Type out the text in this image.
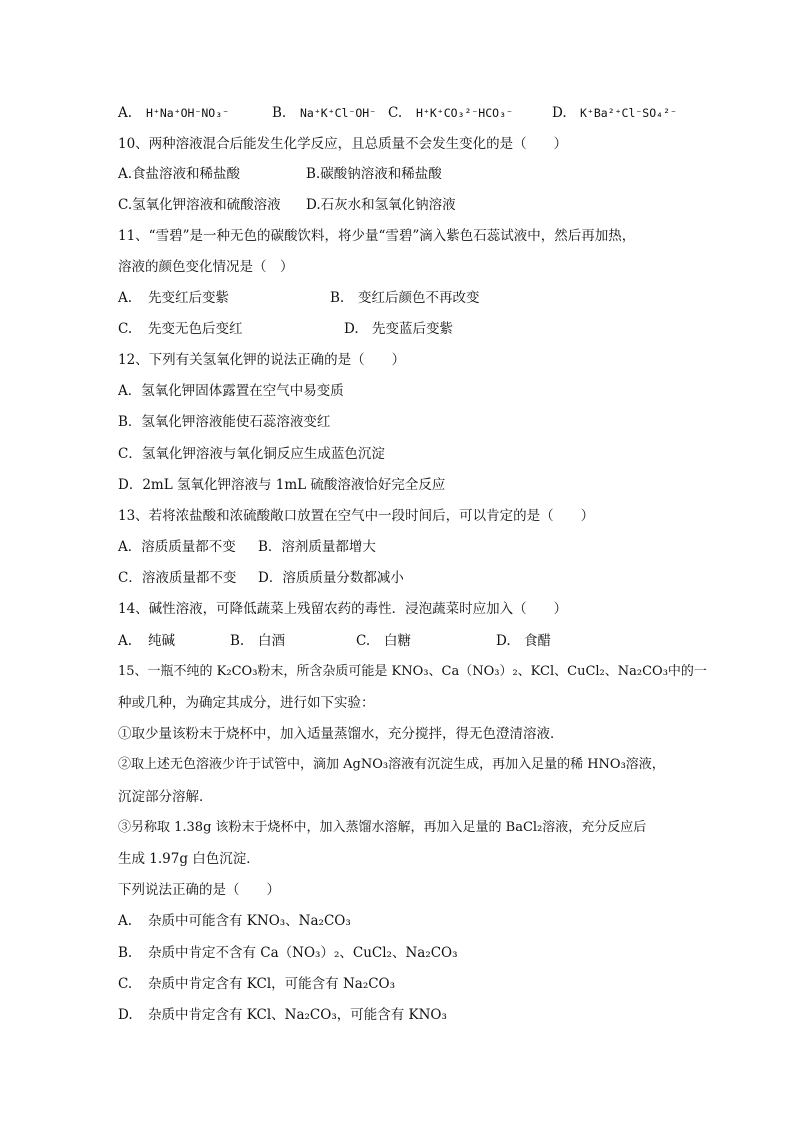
A. H⁺Na⁺OH⁻NO₃⁻	B. Na⁺K⁺Cl⁻OH⁻ C. H⁺K⁺CO₃²⁻HCO₃⁻	D. K⁺Ba²⁺Cl⁻SO₄²⁻
10、两种溶液混合后能发生化学反应，且总质量不会发生变化的是（　　）
A.食盐溶液和稀盐酸	B.碳酸钠溶液和稀盐酸
C.氢氧化钾溶液和硫酸溶液 D.石灰水和氢氧化钠溶液
11、“雪碧”是一种无色的碳酸饮料，将少量“雪碧”滴入紫色石蕊试液中，然后再加热，
溶液的颜色变化情况是（　）
A. 先变红后变紫	B. 变红后颜色不再改变
C. 先变无色后变红	D. 先变蓝后变紫
12、下列有关氢氧化钾的说法正确的是（　　）
A．氢氧化钾固体露置在空气中易变质
B．氢氧化钾溶液能使石蕊溶液变红
C．氢氧化钾溶液与氧化铜反应生成蓝色沉淀
D．2mL 氢氧化钾溶液与 1mL 硫酸溶液恰好完全反应
13、若将浓盐酸和浓硫酸敞口放置在空气中一段时间后，可以肯定的是（　　）
A．溶质质量都不变 B．溶剂质量都增大
C．溶液质量都不变 D．溶质质量分数都减小
14、碱性溶液，可降低蔬菜上残留农药的毒性．浸泡蔬菜时应加入（　　）
A. 纯碱	B. 白酒	C. 白糖	D. 食醋
15、一瓶不纯的 K₂CO₃粉末，所含杂质可能是 KNO₃、Ca（NO₃）₂、KCl、CuCl₂、Na₂CO₃中的一
种或几种，为确定其成分，进行如下实验：
①取少量该粉末于烧杯中，加入适量蒸馏水，充分搅拌，得无色澄清溶液．
②取上述无色溶液少许于试管中，滴加 AgNO₃溶液有沉淀生成，再加入足量的稀 HNO₃溶液，
沉淀部分溶解．
③另称取 1.38g 该粉末于烧杯中，加入蒸馏水溶解，再加入足量的 BaCl₂溶液，充分反应后
生成 1.97g 白色沉淀．
下列说法正确的是（　　）
A. 杂质中可能含有 KNO₃、Na₂CO₃
B. 杂质中肯定不含有 Ca（NO₃）₂、CuCl₂、Na₂CO₃
C. 杂质中肯定含有 KCl，可能含有 Na₂CO₃
D. 杂质中肯定含有 KCl、Na₂CO₃，可能含有 KNO₃
